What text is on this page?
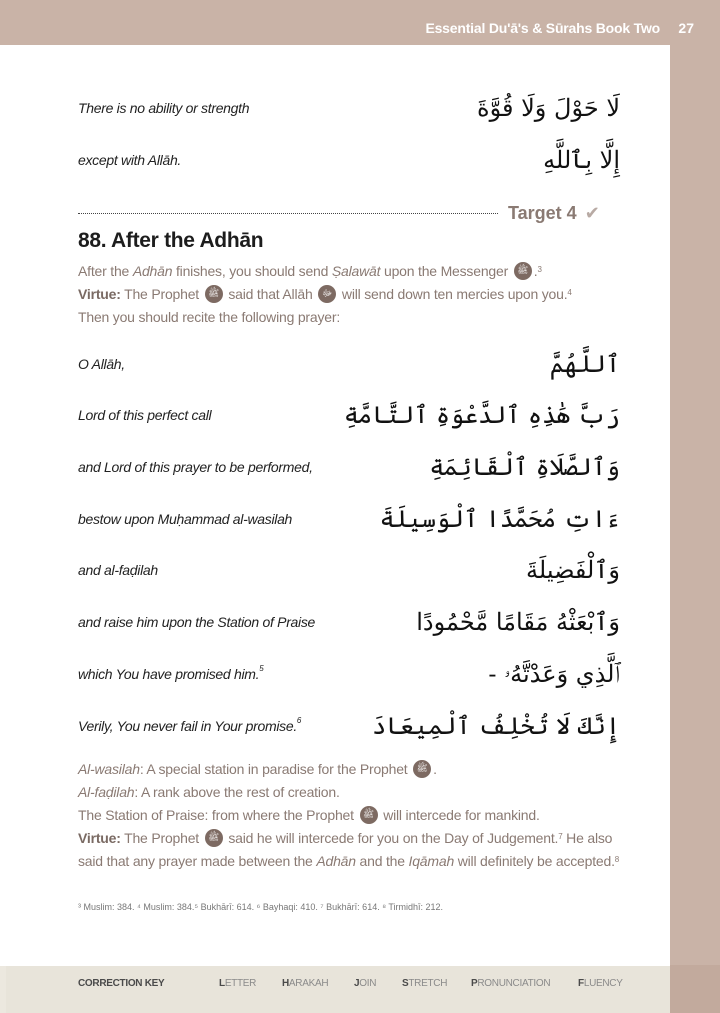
Essential Du'ā's & Sūrahs Book Two 27
There is no ability or strength	لَا حَوْلَ وَلَا قُوَّةَ
except with Allāh.	إِلَّا بِٱللَّهِ
Target 4 ✔
88. After the Adhān
After the Adhān finishes, you should send Ṣalawāt upon the Messenger ﷺ .$^3$
Virtue: The Prophet ﷺ said that Allāh ﷻ will send down ten mercies upon you.$^4$
Then you should recite the following prayer:
O Allāh,	ٱللَّهُمَّ
Lord of this perfect call	رَبَّ هَٰذِهِ ٱلدَّعْوَةِ ٱلتَّامَّةِ
and Lord of this prayer to be performed,	وَٱلصَّلَاةِ ٱلْقَائِمَةِ
bestow upon Muḥammad al-wasilah	ءَاتِ مُحَمَّدًا ٱلْوَسِيلَةَ
and al-faḍilah	وَٱلْفَضِيلَةَ
and raise him upon the Station of Praise	وَٱبْعَثْهُ مَقَامًا مَّحْمُودًا
which You have promised him.$^5$	ٱلَّذِي وَعَدْتَّهُۥ -
Verily, You never fail in Your promise.$^6$	إِنَّكَ لَا تُخْلِفُ ٱلْمِيعَادَ
Al-wasilah: A special station in paradise for the Prophet ﷺ.
Al-faḍilah: A rank above the rest of creation.
The Station of Praise: from where the Prophet ﷺ will intercede for mankind.
Virtue: The Prophet ﷺ said he will intercede for you on the Day of Judgement.$^7$ He also said that any prayer made between the Adhān and the Iqāmah will definitely be accepted.$^8$
³ Muslim: 384. ⁴ Muslim: 384.⁵ Bukhārī: 614. ⁶ Bayhaqi: 410. ⁷ Bukhārī: 614. ⁸ Tirmidhī: 212.
CORRECTION KEY	LETTER	HARAKAH	JOIN	STRETCH PRONUNCIATION	FLUENCY
